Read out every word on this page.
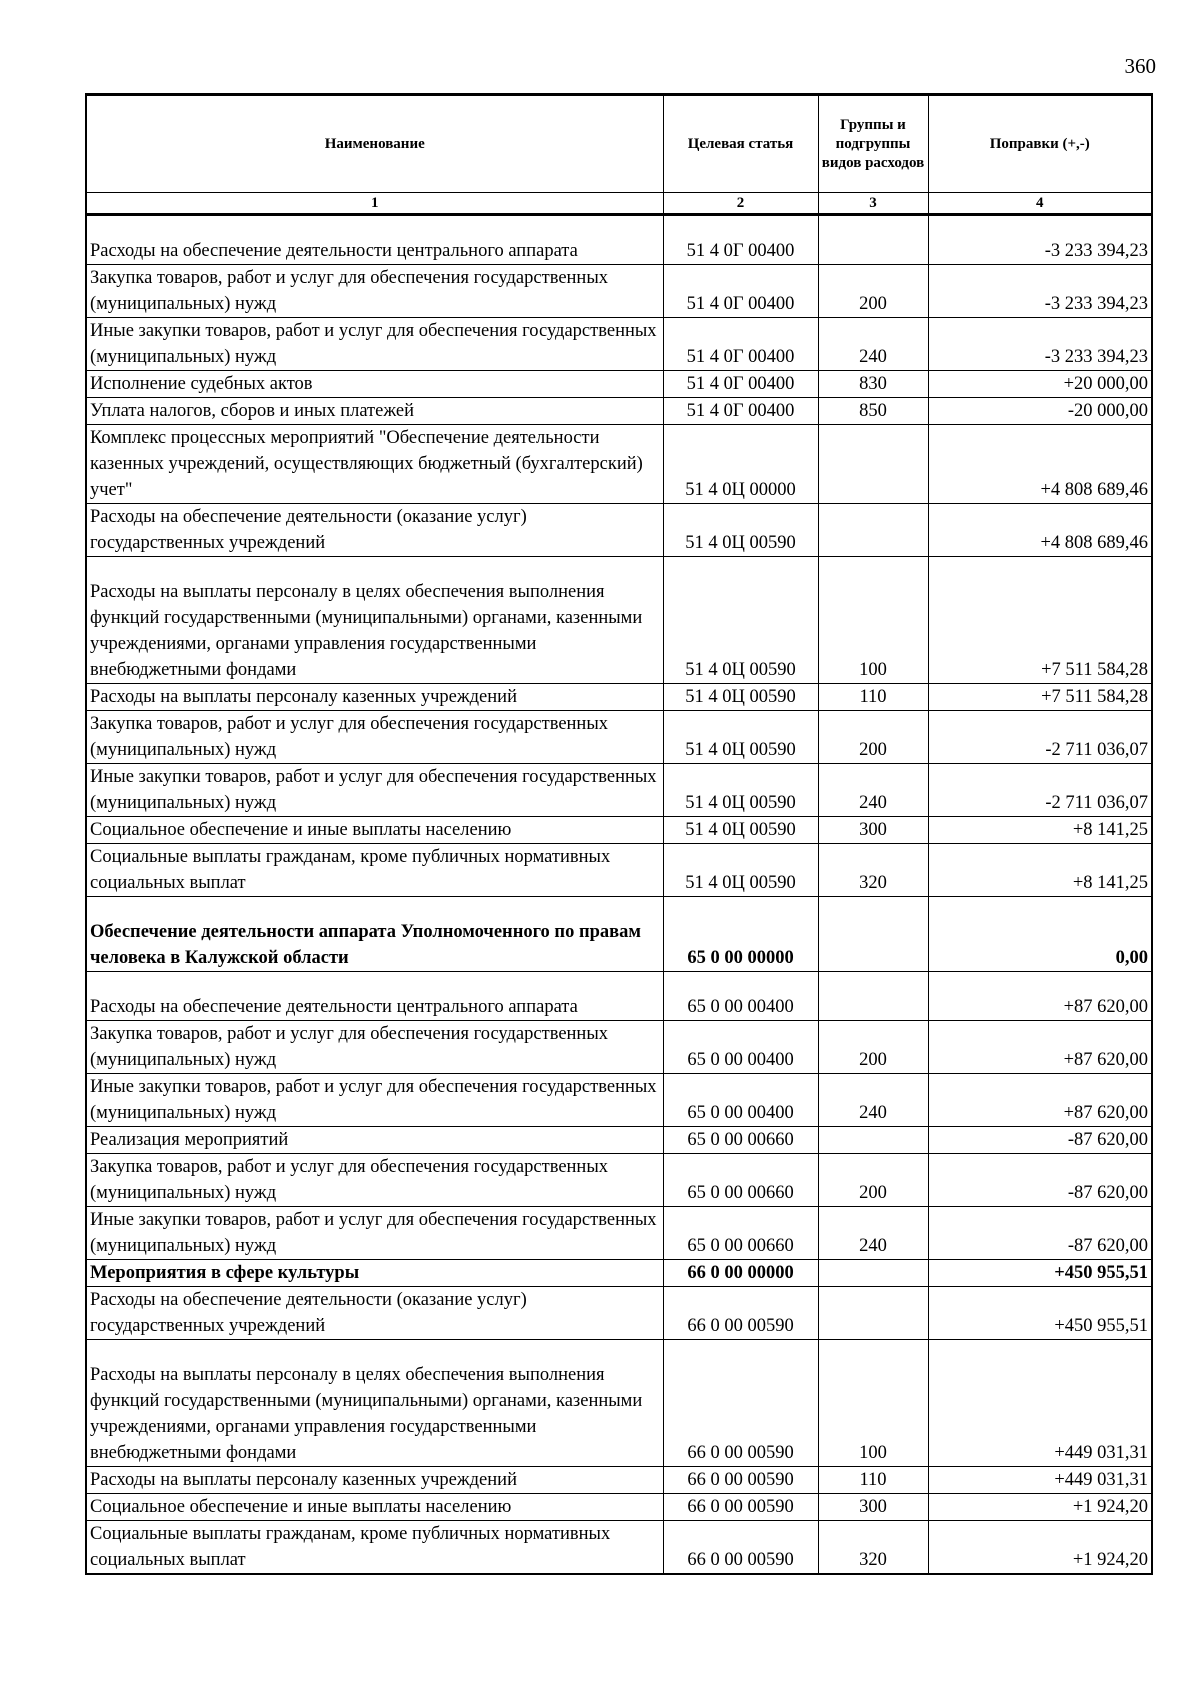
360
Наименование	Целевая статья	Группы и подгруппы видов расходов	Поправки (+,-)
1	2	3	4
Расходы на обеспечение деятельности центрального аппарата	51 4 0Г 00400		-3 233 394,23
Закупка товаров, работ и услуг для обеспечения государственных (муниципальных) нужд	51 4 0Г 00400	200	-3 233 394,23
Иные закупки товаров, работ и услуг для обеспечения государственных (муниципальных) нужд	51 4 0Г 00400	240	-3 233 394,23
Исполнение судебных актов	51 4 0Г 00400	830	+20 000,00
Уплата налогов, сборов и иных платежей	51 4 0Г 00400	850	-20 000,00
Комплекс процессных мероприятий "Обеспечение деятельности казенных учреждений, осуществляющих бюджетный (бухгалтерский) учет"	51 4 0Ц 00000		+4 808 689,46
Расходы на обеспечение деятельности (оказание услуг) государственных учреждений	51 4 0Ц 00590		+4 808 689,46
Расходы на выплаты персоналу в целях обеспечения выполнения функций государственными (муниципальными) органами, казенными учреждениями, органами управления государственными внебюджетными фондами	51 4 0Ц 00590	100	+7 511 584,28
Расходы на выплаты персоналу казенных учреждений	51 4 0Ц 00590	110	+7 511 584,28
Закупка товаров, работ и услуг для обеспечения государственных (муниципальных) нужд	51 4 0Ц 00590	200	-2 711 036,07
Иные закупки товаров, работ и услуг для обеспечения государственных (муниципальных) нужд	51 4 0Ц 00590	240	-2 711 036,07
Социальное обеспечение и иные выплаты населению	51 4 0Ц 00590	300	+8 141,25
Социальные выплаты гражданам, кроме публичных нормативных социальных выплат	51 4 0Ц 00590	320	+8 141,25
Обеспечение деятельности аппарата Уполномоченного по правам человека в Калужской области	65 0 00 00000		0,00
Расходы на обеспечение деятельности центрального аппарата	65 0 00 00400		+87 620,00
Закупка товаров, работ и услуг для обеспечения государственных (муниципальных) нужд	65 0 00 00400	200	+87 620,00
Иные закупки товаров, работ и услуг для обеспечения государственных (муниципальных) нужд	65 0 00 00400	240	+87 620,00
Реализация мероприятий	65 0 00 00660		-87 620,00
Закупка товаров, работ и услуг для обеспечения государственных (муниципальных) нужд	65 0 00 00660	200	-87 620,00
Иные закупки товаров, работ и услуг для обеспечения государственных (муниципальных) нужд	65 0 00 00660	240	-87 620,00
Мероприятия в сфере культуры	66 0 00 00000		+450 955,51
Расходы на обеспечение деятельности (оказание услуг) государственных учреждений	66 0 00 00590		+450 955,51
Расходы на выплаты персоналу в целях обеспечения выполнения функций государственными (муниципальными) органами, казенными учреждениями, органами управления государственными внебюджетными фондами	66 0 00 00590	100	+449 031,31
Расходы на выплаты персоналу казенных учреждений	66 0 00 00590	110	+449 031,31
Социальное обеспечение и иные выплаты населению	66 0 00 00590	300	+1 924,20
Социальные выплаты гражданам, кроме публичных нормативных социальных выплат	66 0 00 00590	320	+1 924,20
